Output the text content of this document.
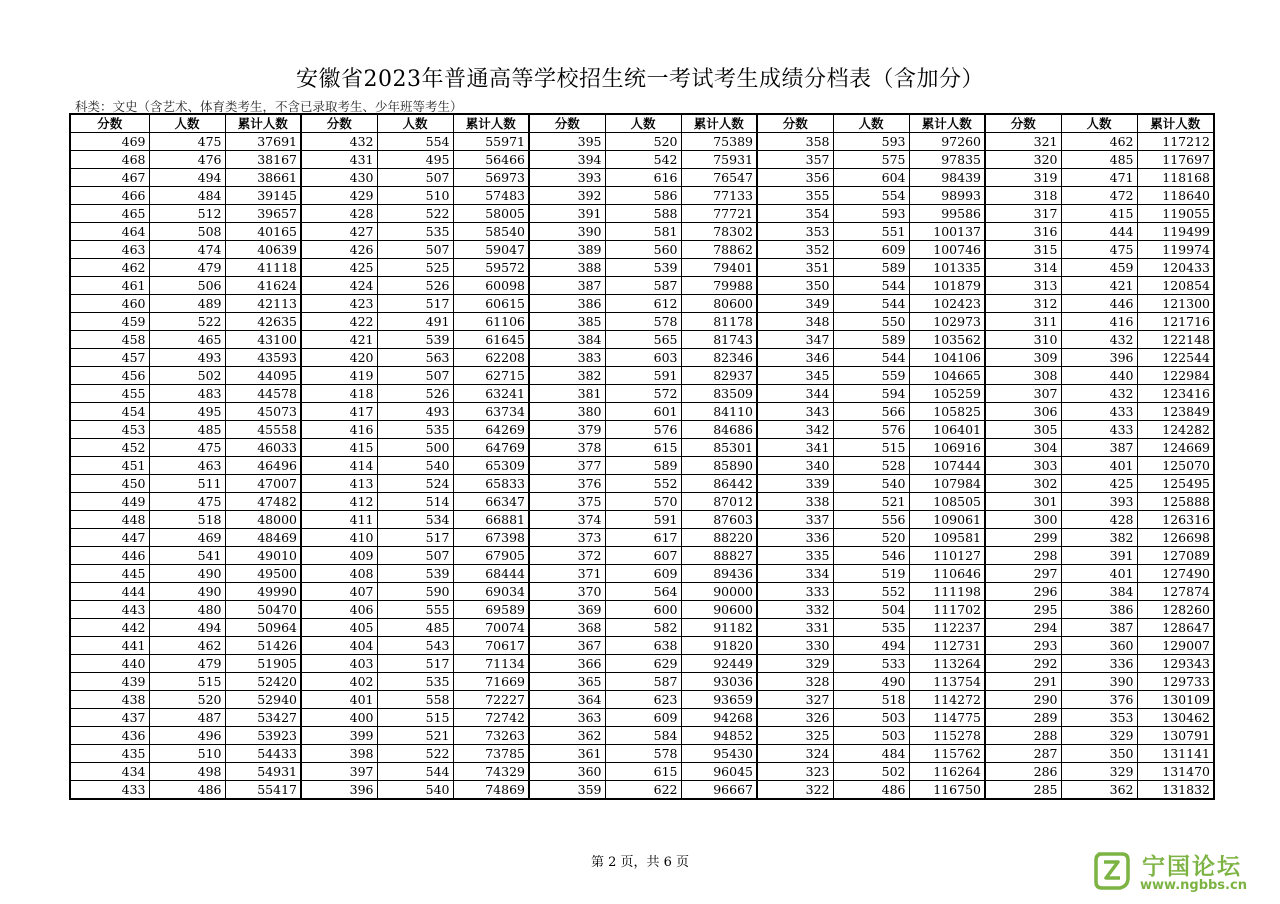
安徽省2023年普通高等学校招生统一考试考生成绩分档表（含加分）
科类：文史（含艺术、体育类考生，不含已录取考生、少年班等考生）
分数	人数	累计人数	分数	人数	累计人数	分数	人数	累计人数	分数	人数	累计人数	分数	人数	累计人数
469	475	37691	432	554	55971	395	520	75389	358	593	97260	321	462	117212
468	476	38167	431	495	56466	394	542	75931	357	575	97835	320	485	117697
467	494	38661	430	507	56973	393	616	76547	356	604	98439	319	471	118168
466	484	39145	429	510	57483	392	586	77133	355	554	98993	318	472	118640
465	512	39657	428	522	58005	391	588	77721	354	593	99586	317	415	119055
464	508	40165	427	535	58540	390	581	78302	353	551	100137	316	444	119499
463	474	40639	426	507	59047	389	560	78862	352	609	100746	315	475	119974
462	479	41118	425	525	59572	388	539	79401	351	589	101335	314	459	120433
461	506	41624	424	526	60098	387	587	79988	350	544	101879	313	421	120854
460	489	42113	423	517	60615	386	612	80600	349	544	102423	312	446	121300
459	522	42635	422	491	61106	385	578	81178	348	550	102973	311	416	121716
458	465	43100	421	539	61645	384	565	81743	347	589	103562	310	432	122148
457	493	43593	420	563	62208	383	603	82346	346	544	104106	309	396	122544
456	502	44095	419	507	62715	382	591	82937	345	559	104665	308	440	122984
455	483	44578	418	526	63241	381	572	83509	344	594	105259	307	432	123416
454	495	45073	417	493	63734	380	601	84110	343	566	105825	306	433	123849
453	485	45558	416	535	64269	379	576	84686	342	576	106401	305	433	124282
452	475	46033	415	500	64769	378	615	85301	341	515	106916	304	387	124669
451	463	46496	414	540	65309	377	589	85890	340	528	107444	303	401	125070
450	511	47007	413	524	65833	376	552	86442	339	540	107984	302	425	125495
449	475	47482	412	514	66347	375	570	87012	338	521	108505	301	393	125888
448	518	48000	411	534	66881	374	591	87603	337	556	109061	300	428	126316
447	469	48469	410	517	67398	373	617	88220	336	520	109581	299	382	126698
446	541	49010	409	507	67905	372	607	88827	335	546	110127	298	391	127089
445	490	49500	408	539	68444	371	609	89436	334	519	110646	297	401	127490
444	490	49990	407	590	69034	370	564	90000	333	552	111198	296	384	127874
443	480	50470	406	555	69589	369	600	90600	332	504	111702	295	386	128260
442	494	50964	405	485	70074	368	582	91182	331	535	112237	294	387	128647
441	462	51426	404	543	70617	367	638	91820	330	494	112731	293	360	129007
440	479	51905	403	517	71134	366	629	92449	329	533	113264	292	336	129343
439	515	52420	402	535	71669	365	587	93036	328	490	113754	291	390	129733
438	520	52940	401	558	72227	364	623	93659	327	518	114272	290	376	130109
437	487	53427	400	515	72742	363	609	94268	326	503	114775	289	353	130462
436	496	53923	399	521	73263	362	584	94852	325	503	115278	288	329	130791
435	510	54433	398	522	73785	361	578	95430	324	484	115762	287	350	131141
434	498	54931	397	544	74329	360	615	96045	323	502	116264	286	329	131470
433	486	55417	396	540	74869	359	622	96667	322	486	116750	285	362	131832
第 2 页，共 6 页	宁国论坛
www.ngbbs.cn
